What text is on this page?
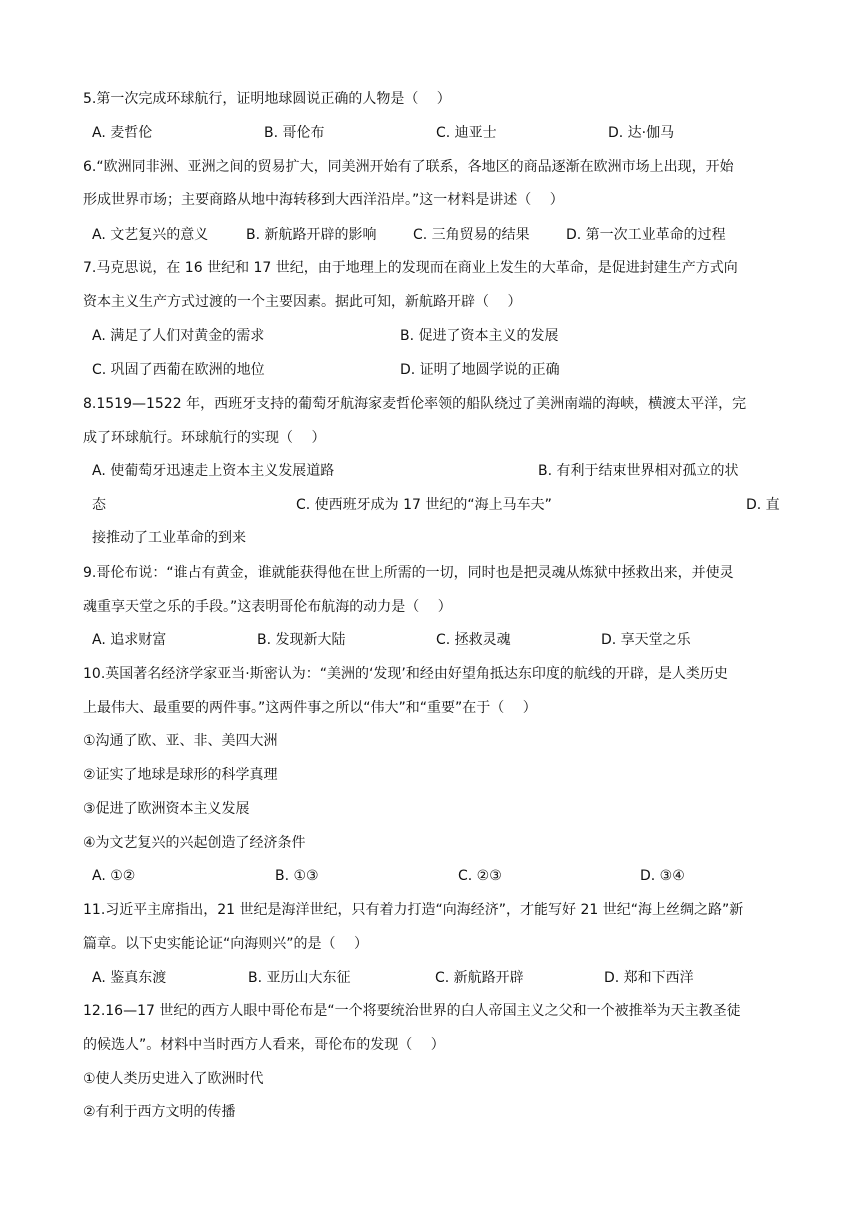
5.第一次完成环球航行，证明地球圆说正确的人物是（　 ）
A. 麦哲伦	B. 哥伦布	C. 迪亚士	D. 达·伽马
6.“欧洲同非洲、亚洲之间的贸易扩大，同美洲开始有了联系，各地区的商品逐渐在欧洲市场上出现，开始
形成世界市场；主要商路从地中海转移到大西洋沿岸。”这一材料是讲述（　 ）
A. 文艺复兴的意义	B. 新航路开辟的影响	C. 三角贸易的结果	D. 第一次工业革命的过程
7.马克思说，在 16 世纪和 17 世纪，由于地理上的发现而在商业上发生的大革命，是促进封建生产方式向
资本主义生产方式过渡的一个主要因素。据此可知，新航路开辟（　 ）
A. 满足了人们对黄金的需求	B. 促进了资本主义的发展
C. 巩固了西葡在欧洲的地位	D. 证明了地圆学说的正确
8.1519—1522 年，西班牙支持的葡萄牙航海家麦哲伦率领的船队绕过了美洲南端的海峡，横渡太平洋，完
成了环球航行。环球航行的实现（　 ）
A. 使葡萄牙迅速走上资本主义发展道路	B. 有利于结束世界相对孤立的状
态	C. 使西班牙成为 17 世纪的“海上马车夫”	D. 直
接推动了工业革命的到来
9.哥伦布说：“谁占有黄金，谁就能获得他在世上所需的一切，同时也是把灵魂从炼狱中拯救出来，并使灵
魂重享天堂之乐的手段。”这表明哥伦布航海的动力是（　 ）
A. 追求财富	B. 发现新大陆	C. 拯救灵魂	D. 享天堂之乐
10.英国著名经济学家亚当·斯密认为：“美洲的‘发现’和经由好望角抵达东印度的航线的开辟，是人类历史
上最伟大、最重要的两件事。”这两件事之所以“伟大”和“重要”在于（　 ）
①沟通了欧、亚、非、美四大洲
②证实了地球是球形的科学真理
③促进了欧洲资本主义发展
④为文艺复兴的兴起创造了经济条件
A. ①②	B. ①③	C. ②③	D. ③④
11.习近平主席指出，21 世纪是海洋世纪，只有着力打造“向海经济”，才能写好 21 世纪“海上丝绸之路”新
篇章。以下史实能论证“向海则兴”的是（　 ）
A. 鉴真东渡	B. 亚历山大东征	C. 新航路开辟	D. 郑和下西洋
12.16—17 世纪的西方人眼中哥伦布是“一个将要统治世界的白人帝国主义之父和一个被推举为天主教圣徒
的候选人”。材料中当时西方人看来，哥伦布的发现（　 ）
①使人类历史进入了欧洲时代
②有利于西方文明的传播
